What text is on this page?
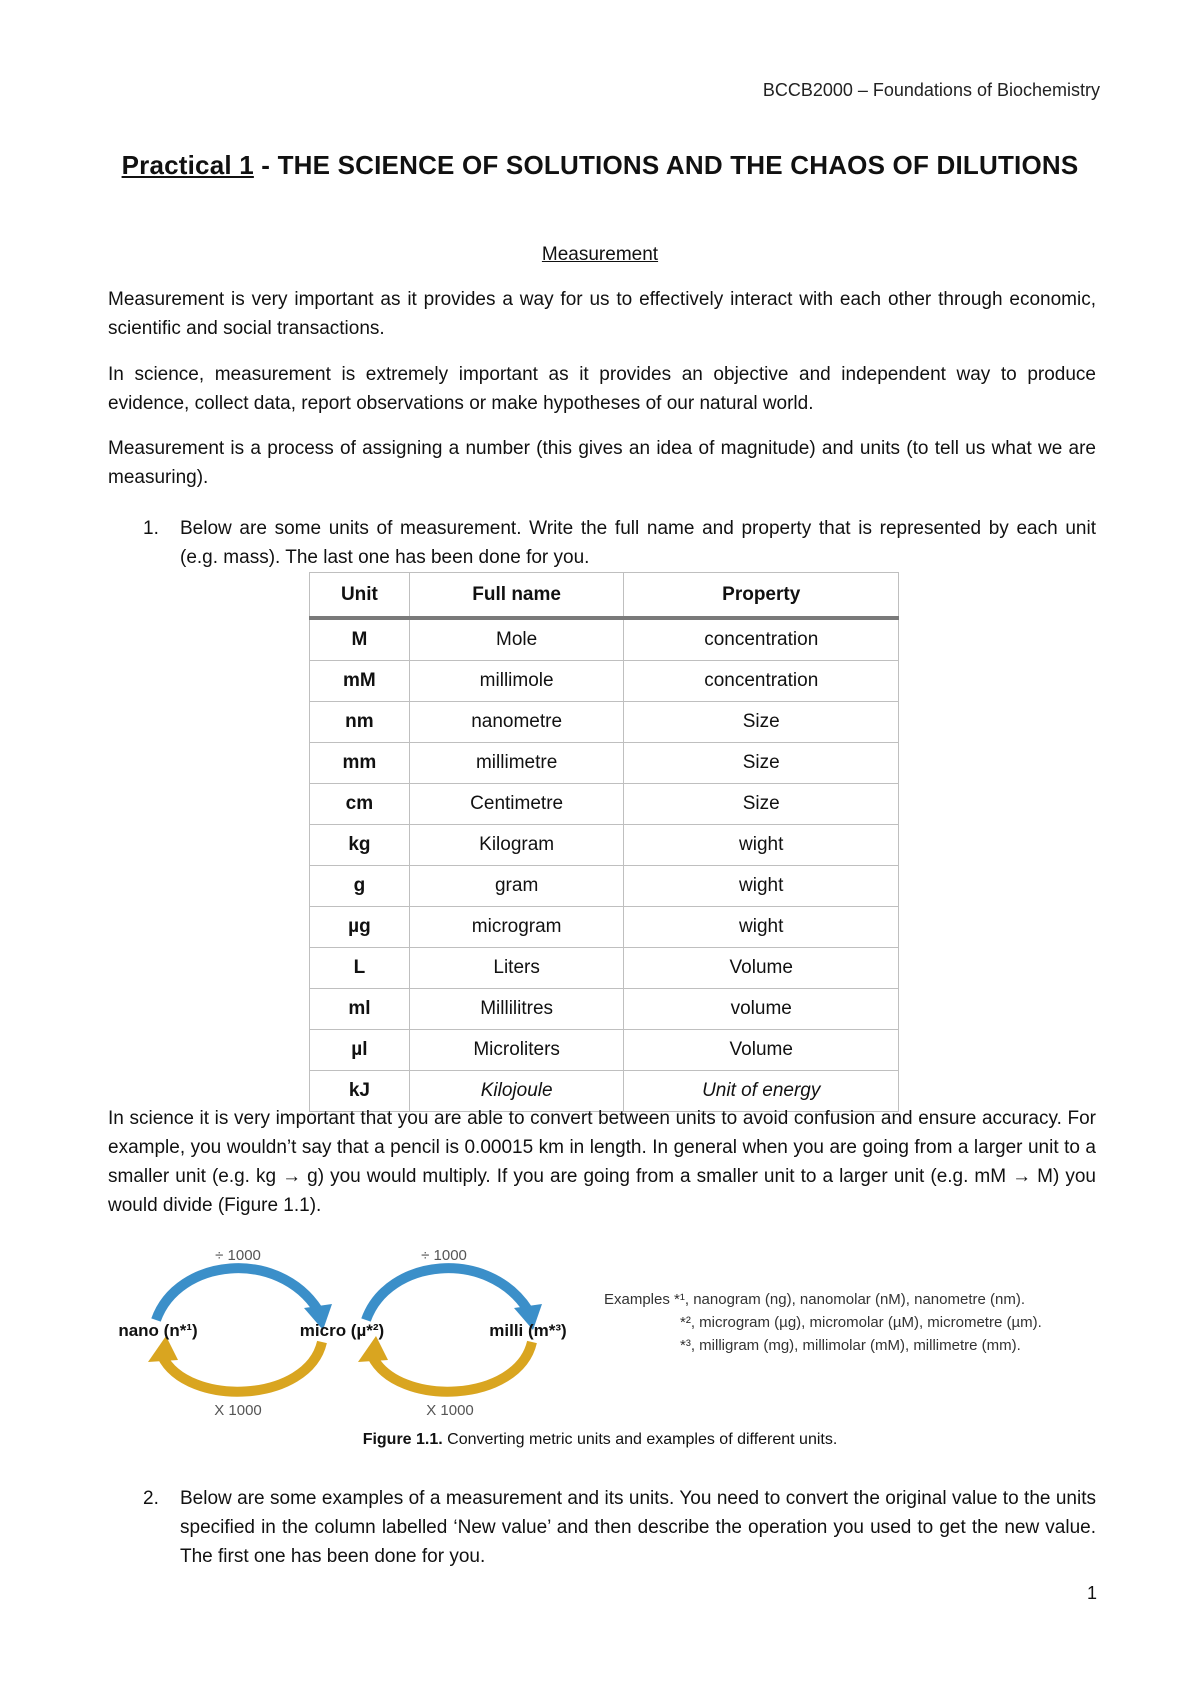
BCCB2000 – Foundations of Biochemistry
Practical 1 - THE SCIENCE OF SOLUTIONS AND THE CHAOS OF DILUTIONS
Measurement

Measurement is very important as it provides a way for us to effectively interact with each other through economic, scientific and social transactions.

In science, measurement is extremely important as it provides an objective and independent way to produce evidence, collect data, report observations or make hypotheses of our natural world.

Measurement is a process of assigning a number (this gives an idea of magnitude) and units (to tell us what we are measuring).

1. Below are some units of measurement. Write the full name and property that is represented by each unit (e.g. mass). The last one has been done for you.
Unit	Full name	Property
M	Mole	concentration
mM	millimole	concentration
nm	nanometre	Size
mm	millimetre	Size
cm	Centimetre	Size
kg	Kilogram	wight
g	gram	wight
µg	microgram	wight
L	Liters	Volume
ml	Millilitres	volume
µl	Microliters	Volume
kJ	Kilojoule	Unit of energy

In science it is very important that you are able to convert between units to avoid confusion and ensure accuracy. For example, you wouldn’t say that a pencil is 0.00015 km in length. In general when you are going from a larger unit to a smaller unit (e.g. kg → g) you would multiply. If you are going from a smaller unit to a larger unit (e.g. mM → M) you would divide (Figure 1.1).

÷ 1000	÷ 1000
nano (n*¹)	micro (µ*²)	milli (m*³)
X 1000	X 1000
Examples *¹, nanogram (ng), nanomolar (nM), nanometre (nm).
*², microgram (µg), micromolar (µM), micrometre (µm).
*³, milligram (mg), millimolar (mM), millimetre (mm).
Figure 1.1. Converting metric units and examples of different units.
2. Below are some examples of a measurement and its units. You need to convert the original value to the units specified in the column labelled ‘New value’ and then describe the operation you used to get the new value. The first one has been done for you.
1
